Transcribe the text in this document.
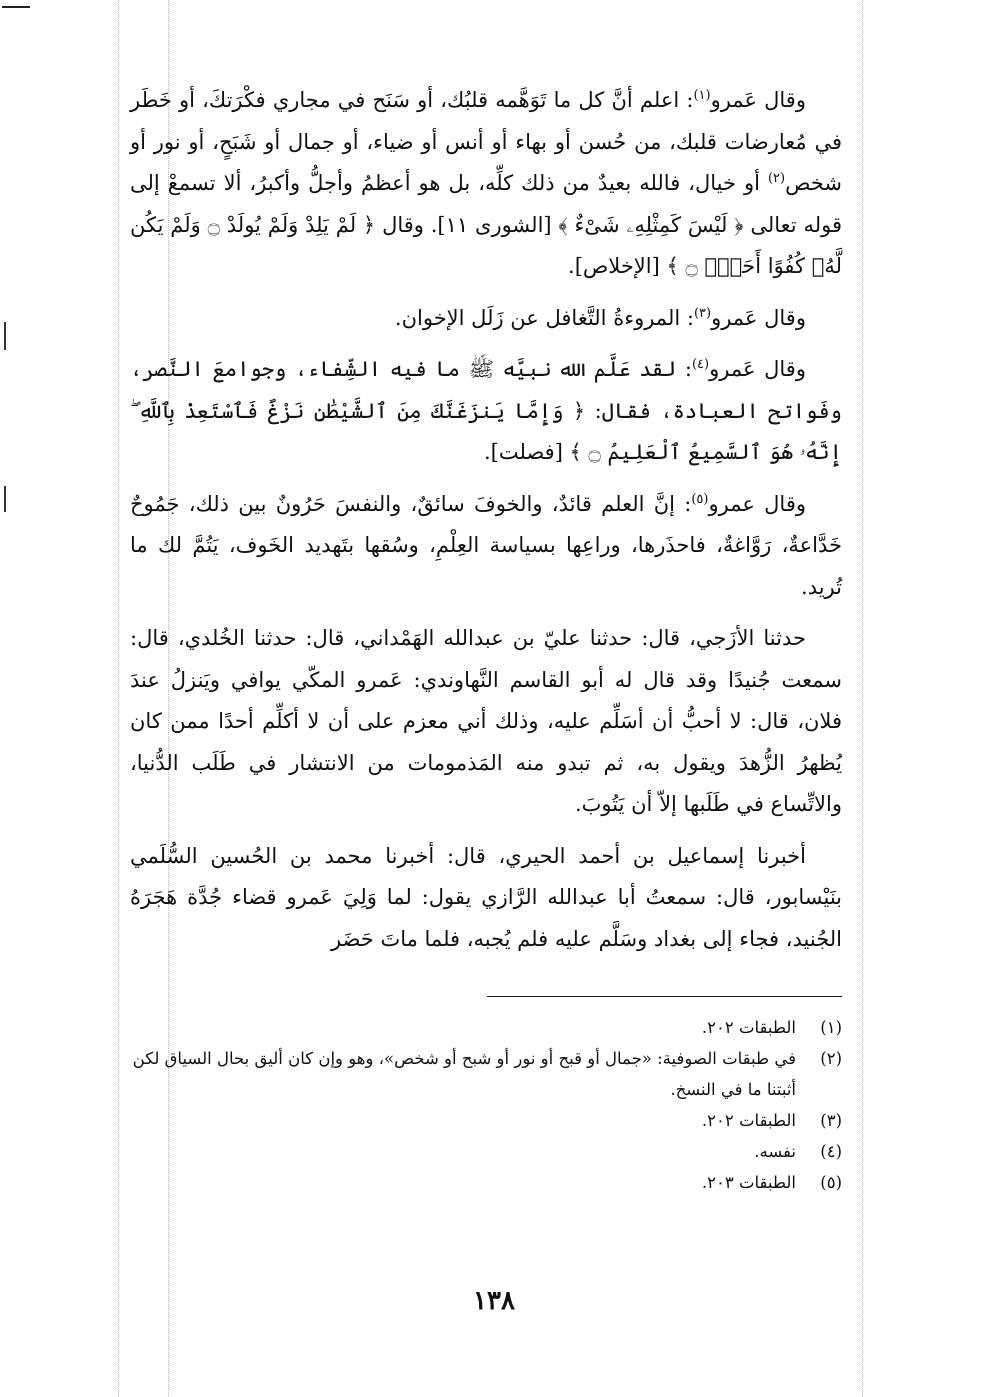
وقال عَمرو$^{(١)}$: اعلم أنَّ كل ما تَوَهَّمه قلبُك، أو سَنَح في مجاري فكْرَتكَ، أو خَطَر في مُعارضات قلبك، من حُسن أو بهاء أو أنس أو ضياء، أو جمال أو شَبَحٍ، أو نور أو شخص$^{(٢)}$ أو خيال، فالله بعيدٌ من ذلك كلِّه، بل هو أعظمُ وأجلُّ وأكبرُ، ألا تسمعْ إلى قوله تعالى ﴿ لَيْسَ كَمِثْلِهِۦ شَىْءٌ ﴾ [الشورى ١١]. وقال ﴿ لَمْ يَلِدْ وَلَمْ يُولَدْ ۝ وَلَمْ يَكُن لَّهُۥ كُفُوًا أَحَدٌۢ ۝ ﴾ [الإخلاص].

وقال عَمرو$^{(٣)}$: المروءةُ التَّغافل عن زَلَل الإخوان.

وقال عَمرو$^{(٤)}$: لقد عَلَّم الله نبيَّه ﷺ ما فيه الشِّفاء، وجوامعَ النَّصر، وفَواتح العبادة، فقال: ﴿ وَإِمَّا يَنزَغَنَّكَ مِنَ ٱلشَّيْطَٰنِ نَزْغٌ فَٱسْتَعِذْ بِٱللَّهِ ۖ إِنَّهُۥ هُوَ ٱلسَّمِيعُ ٱلْعَلِيمُ ۝ ﴾ [فصلت].

وقال عمرو$^{(٥)}$: إنَّ العلم قائدٌ، والخوفَ سائقٌ، والنفسَ حَرُونٌ بين ذلك، جَمُوحٌ خَدَّاعةٌ، رَوَّاغةٌ، فاحذَرها، وراعِها بسياسة العِلْمِ، وسُقها بتَهديد الخَوف، يَتُمَّ لك ما تُريد.

حدثنا الأزَجي، قال: حدثنا عليّ بن عبدالله الهَمْداني، قال: حدثنا الخُلدي، قال: سمعت جُنيدًا وقد قال له أبو القاسم النَّهاوندي: عَمرو المكّي يوافي ويَنزلُ عندَ فلان، قال: لا أحبُّ أن أسَلِّم عليه، وذلك أني معزم على أن لا أكلِّم أحدًا ممن كان يُظهرُ الزُّهدَ ويقول به، ثم تبدو منه المَذمومات من الانتشار في طَلَب الدُّنيا، والاتِّساع في طَلَبها إلاّ أن يَتُوبَ.

أخبرنا إسماعيل بن أحمد الحيري، قال: أخبرنا محمد بن الحُسين السُّلَمي بنَيْسابور، قال: سمعتُ أبا عبدالله الرَّازي يقول: لما وَلِيَ عَمرو قضاء جُدَّة هَجَرَهُ الجُنيد، فجاء إلى بغداد وسَلَّم عليه فلم يُجبه، فلما ماتَ حَضَر

(١)
الطبقات ٢٠٢.
(٢)
في طبقات الصوفية: «جمال أو قبح أو نور أو شبح أو شخص»، وهو وإن كان أليق بحال السياق لكن أثبتنا ما في النسخ.
(٣)
الطبقات ٢٠٢.
(٤)
نفسه.
(٥)
الطبقات ٢٠٣.
١٣٨
